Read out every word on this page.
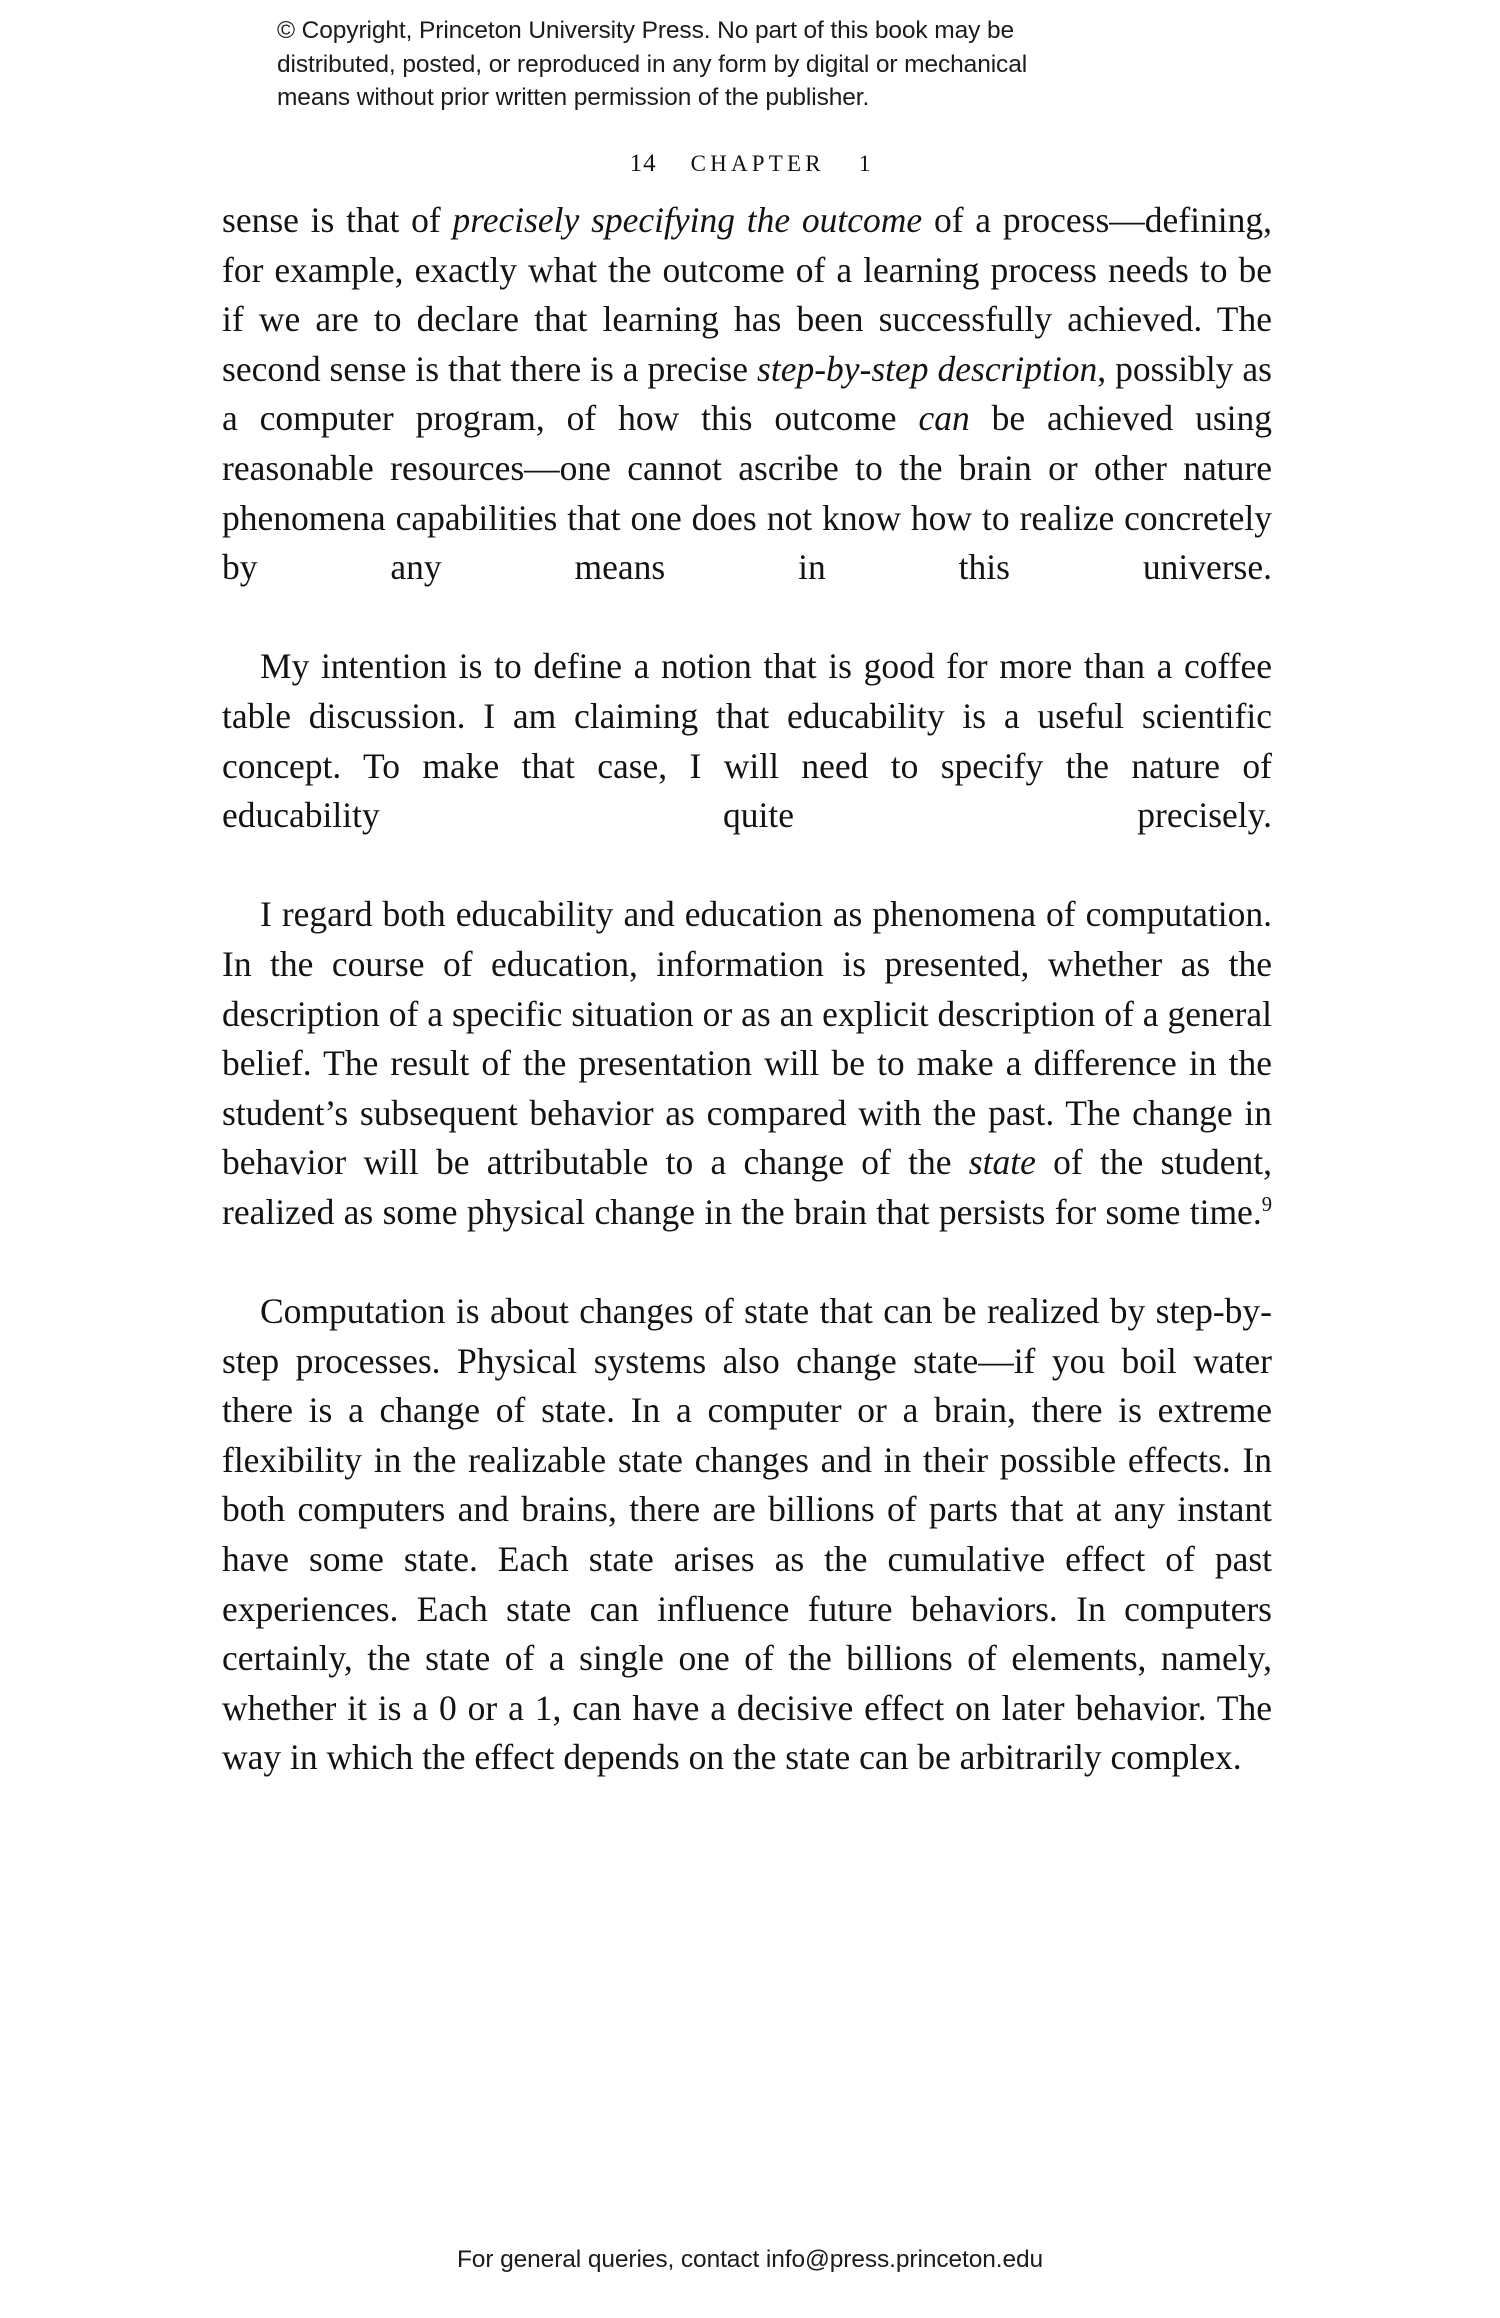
© Copyright, Princeton University Press. No part of this book may be
distributed, posted, or reproduced in any form by digital or mechanical
means without prior written permission of the publisher.
14 CHAPTER 1

sense is that of precisely specifying the outcome of a process—defining, for example, exactly what the outcome of a learning process needs to be if we are to declare that learning has been successfully achieved. The second sense is that there is a precise step-by-step description, possibly as a computer program, of how this outcome can be achieved using reasonable resources—one cannot ascribe to the brain or other nature phenomena capabilities that one does not know how to realize concretely by any means in this universe.

My intention is to define a notion that is good for more than a coffee table discussion. I am claiming that educability is a useful scientific concept. To make that case, I will need to specify the nature of educability quite precisely.

I regard both educability and education as phenomena of computation. In the course of education, information is presented, whether as the description of a specific situation or as an explicit description of a general belief. The result of the presentation will be to make a difference in the student’s subsequent behavior as compared with the past. The change in behavior will be attributable to a change of the state of the student, realized as some physical change in the brain that persists for some time.$^9$

Computation is about changes of state that can be realized by step-by-step processes. Physical systems also change state—if you boil water there is a change of state. In a computer or a brain, there is extreme flexibility in the realizable state changes and in their possible effects. In both computers and brains, there are billions of parts that at any instant have some state. Each state arises as the cumulative effect of past experiences. Each state can influence future behaviors. In computers certainly, the state of a single one of the billions of elements, namely, whether it is a 0 or a 1, can have a decisive effect on later behavior. The way in which the effect depends on the state can be arbitrarily complex.

For general queries, contact info@press.princeton.edu
